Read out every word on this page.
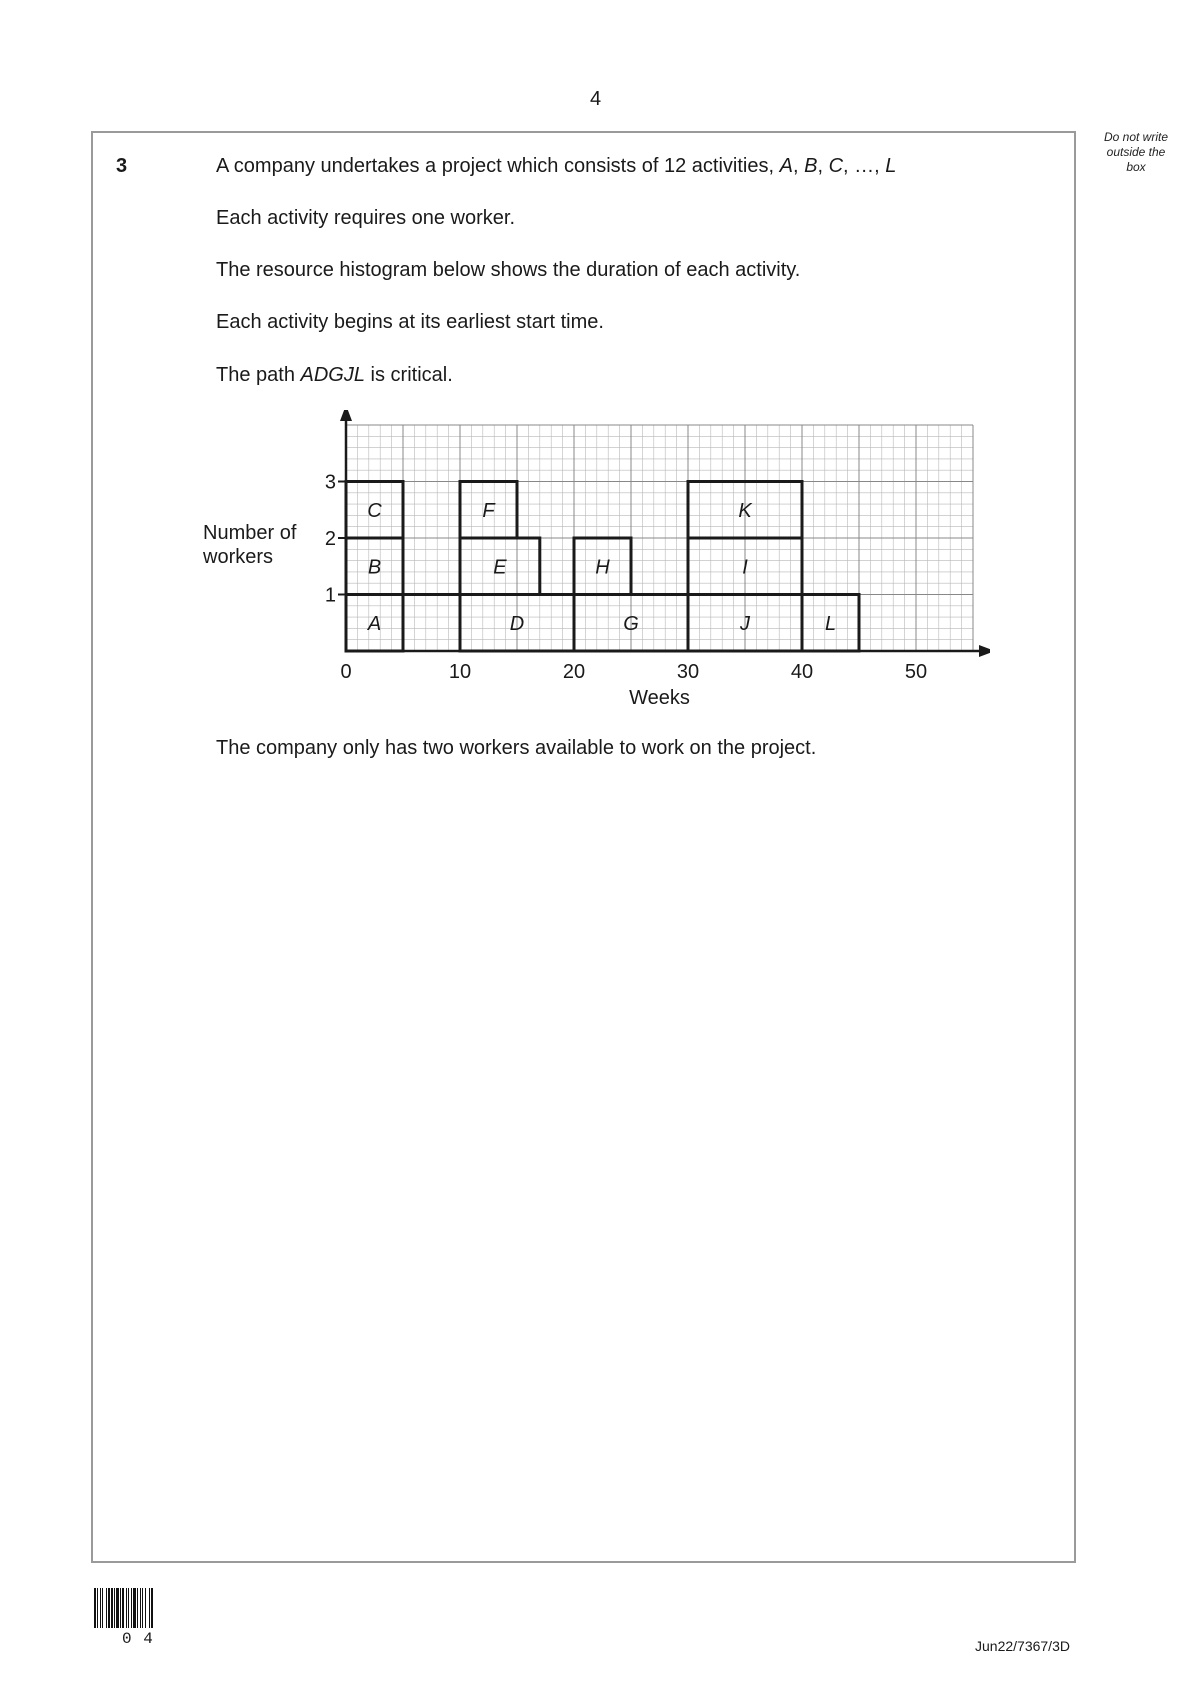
4
Do not write
outside the
box
3	A company undertakes a project which consists of 12 activities, A, B, C, …, L
Each activity requires one worker.
The resource histogram below shows the duration of each activity.
Each activity begins at its earliest start time.
The path ADGJL is critical.
A
B
C
D
E
F
G
H
J
I
K
L
0	10	20	30	40	50
1
2
3
Weeks
Number of
workers
The company only has two workers available to work on the project.
0 4	Jun22/7367/3D
